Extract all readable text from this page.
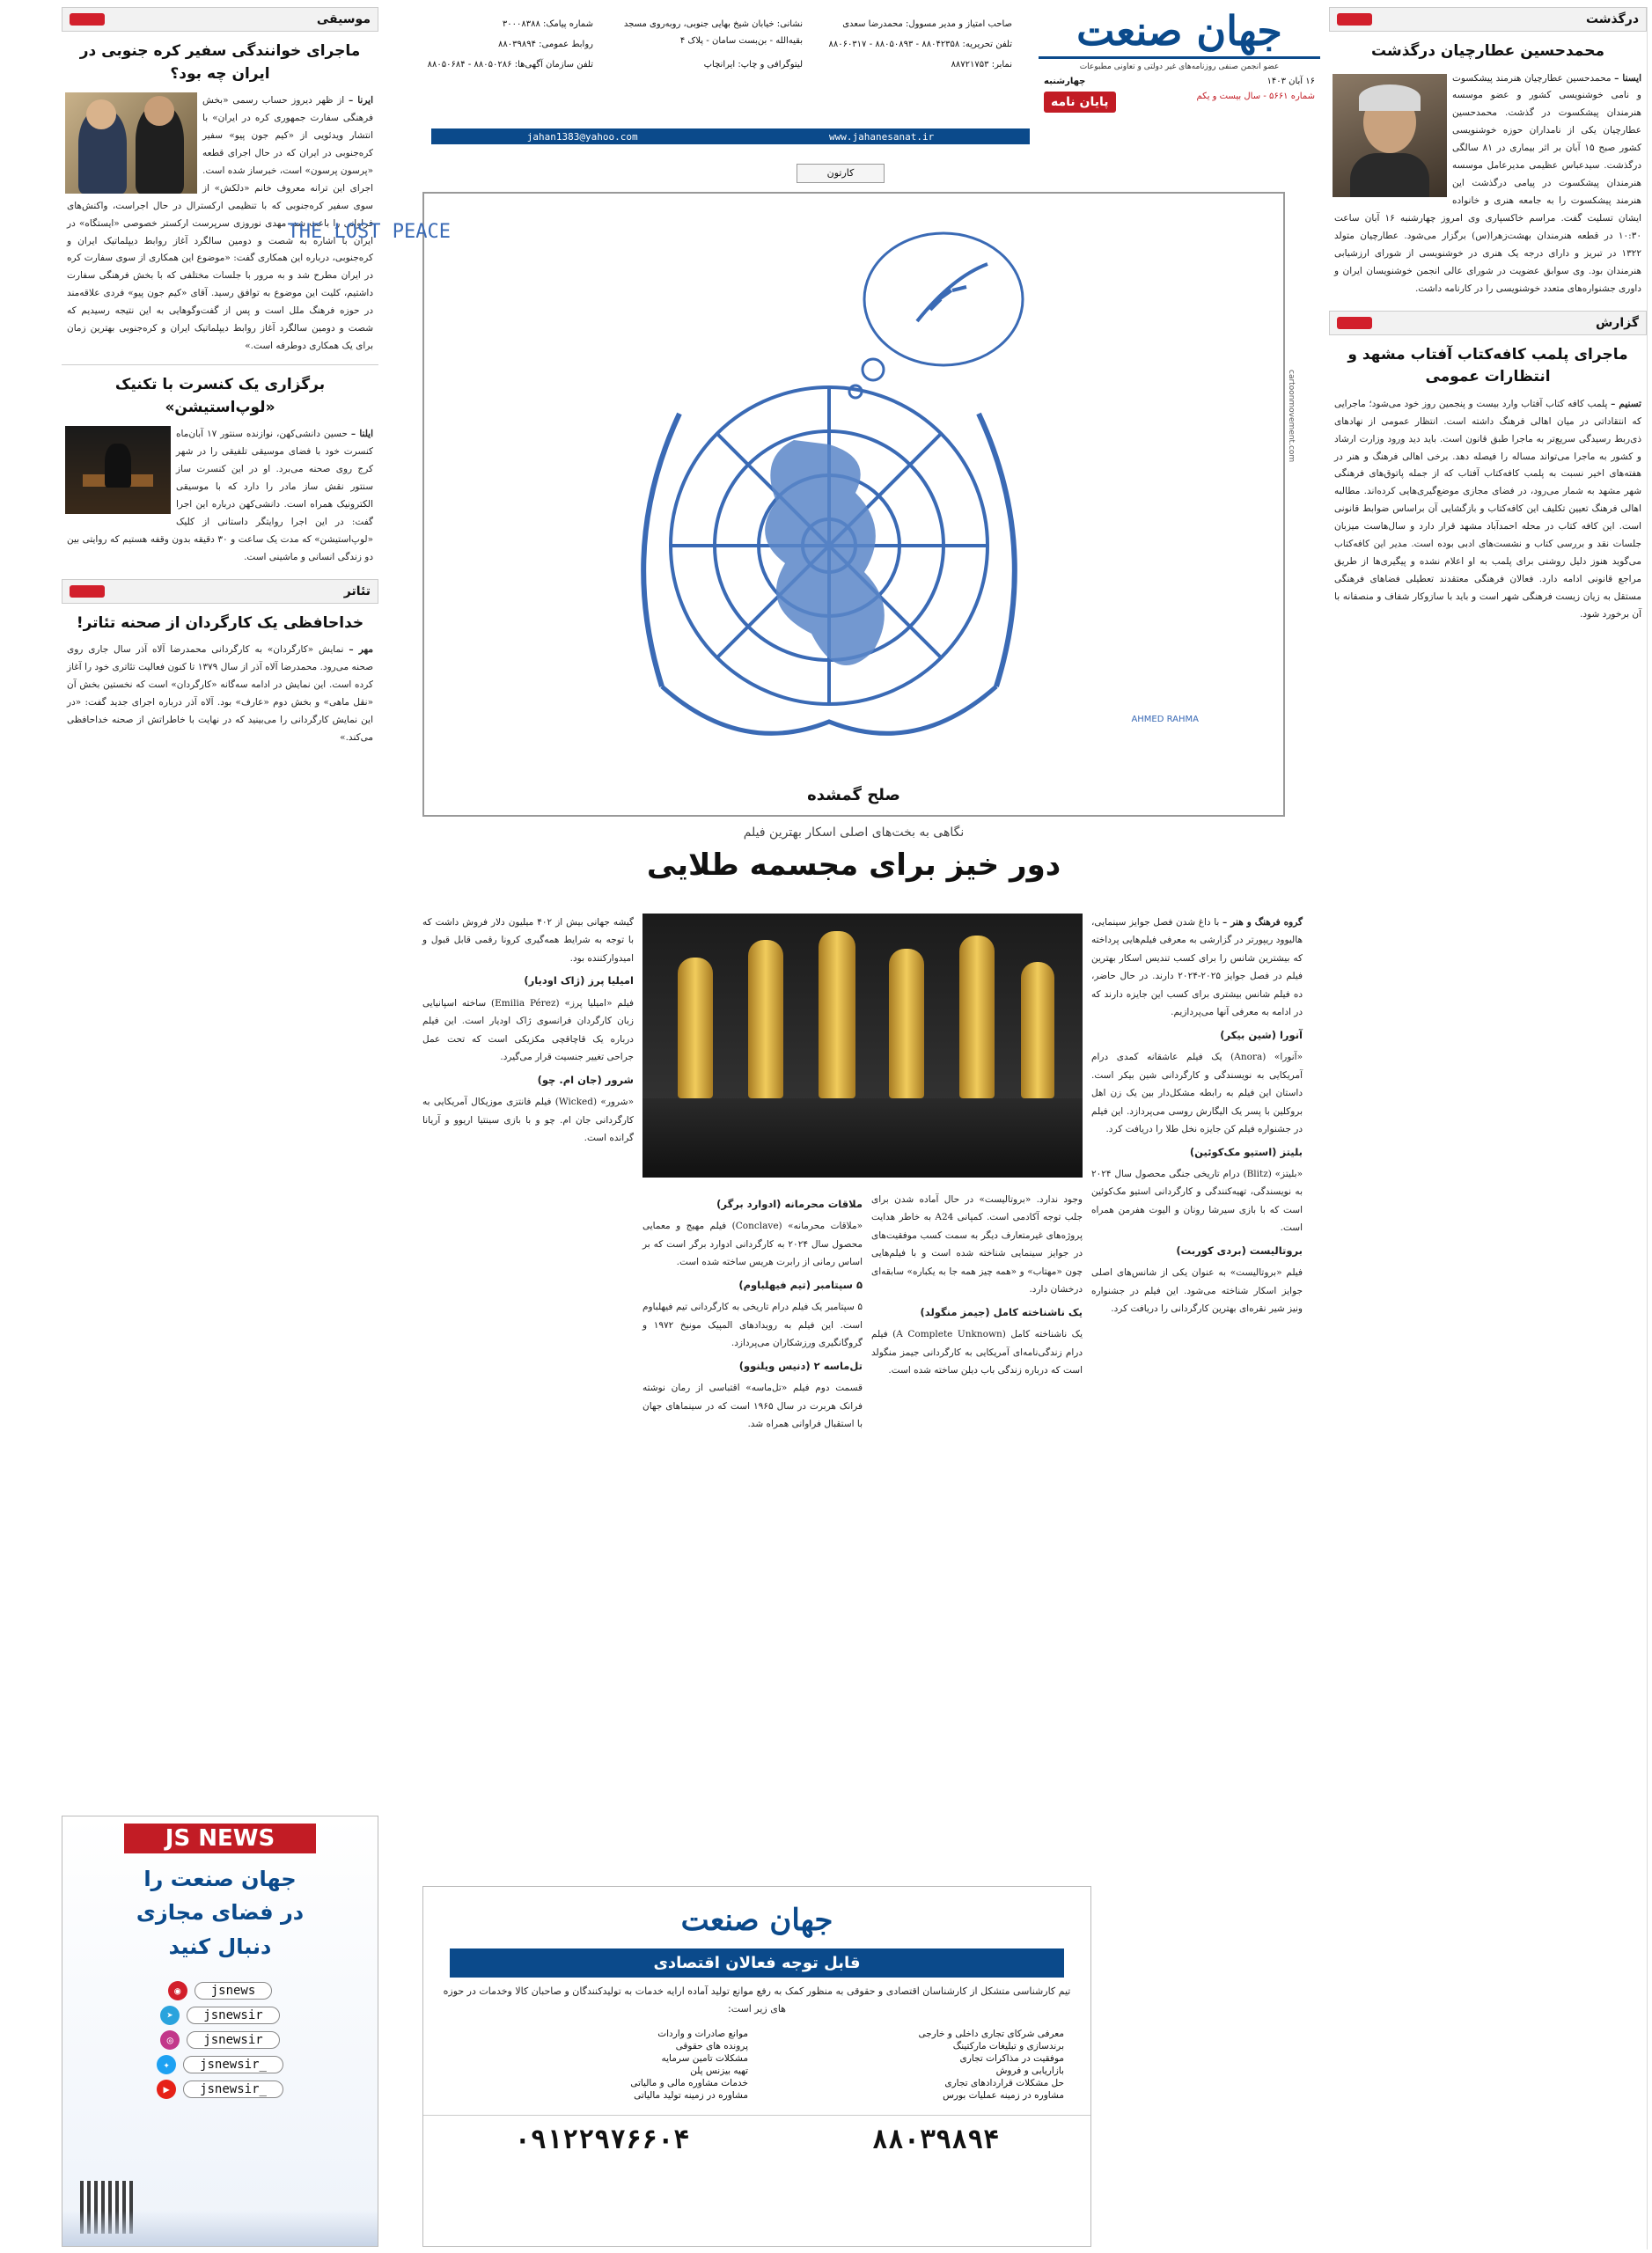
موسیقی
ماجرای خوانندگی سفیر کره جنوبی در ایران چه بود؟

ایرنا – از ظهر دیروز حساب رسمی «بخش فرهنگی سفارت جمهوری کره در ایران» با انتشار ویدئویی از «کیم جون پیو» سفیر کره‌جنوبی در ایران که در حال اجرای قطعه «پرسون پرسون» است، خبرساز شده است. اجرای این ترانه معروف خانم «دلکش» از سوی سفیر کره‌جنوبی که با تنظیمی ارکسترال در حال اجراست، واکنش‌های فراوانی را باعث شد. مهدی نوروزی سرپرست ارکستر خصوصی «ایستگاه» در ایران با اشاره به شصت و دومین سالگرد آغاز روابط دیپلماتیک ایران و کره‌جنوبی، درباره این همکاری گفت: «موضوع این همکاری از سوی سفارت کره در ایران مطرح شد و به مرور با جلسات مختلفی که با بخش فرهنگی سفارت داشتیم، کلیت این موضوع به توافق رسید. آقای «کیم جون پیو» فردی علاقه‌مند در حوزه فرهنگ ملل است و پس از گفت‌وگوهایی به این نتیجه رسیدیم که شصت و دومین سالگرد آغاز روابط دیپلماتیک ایران و کره‌جنوبی بهترین زمان برای یک همکاری دوطرفه است.»

برگزاری یک کنسرت با تکنیک «لوپ‌استیشن»

ایلنا – حسین دانشی‌کهن، نوازنده سنتور ۱۷ آبان‌ماه کنسرت خود با فضای موسیقی تلفیقی را در شهر کرج روی صحنه می‌برد. او در این کنسرت ساز سنتور نقش ساز مادر را دارد که با موسیقی الکترونیک همراه است. دانشی‌کهن درباره این اجرا گفت: در این اجرا روایتگر داستانی از کلیک «لوپ‌استیشن» که مدت یک ساعت و ۳۰ دقیقه بدون وقفه هستیم که روایتی بین دو زندگی انسانی و ماشینی است.

تئاتر
خداحافظی یک کارگردان از صحنه تئاتر!

مهر – نمایش «کارگردان» به کارگردانی محمدرضا آلاه آذر سال جاری روی صحنه می‌رود. محمدرضا آلاه آذر از سال ۱۳۷۹ تا کنون فعالیت تئاتری خود را آغاز کرده است. این نمایش در ادامه سه‌گانه «کارگردان» است که نخستین بخش آن «نقل ماهی» و بخش دوم «عارف» بود. آلاه آذر درباره اجرای جدید گفت: «در این نمایش کارگردانی را می‌بینید که در نهایت با خاطراتش از صحنه خداحافظی می‌کند.»

JS NEWS
جهان صنعت را
در فضای مجازی
دنبال کنید
jsnews
◉
jsnewsir
➤
jsnewsir
◎
jsnewsir_
✦
jsnewsir_
▶
صاحب امتیاز و مدیر مسوول: محمدرضا سعدی
نشانی: خیابان شیخ بهایی جنوبی، روبه‌روی مسجد بقیه‌الله - بن‌بست سامان - پلاک ۴
شماره پیامک: ۳۰۰۰۸۳۸۸
تلفن تحریریه: ۸۸۰۴۲۳۵۸ - ۸۸۰۵۰۸۹۳ - ۸۸۰۶۰۳۱۷
روابط عمومی: ۸۸۰۳۹۸۹۴
نمابر: ۸۸۷۲۱۷۵۳
لیتوگرافی و چاپ: ایرانچاپ
تلفن سازمان آگهی‌ها: ۸۸۰۵۰۲۸۶ - ۸۸۰۵۰۶۸۴
جهان صنعت
عضو انجمن صنفی روزنامه‌های غیر دولتی و تعاونی مطبوعات
۱۶ آبان ۱۴۰۳
چهارشنبه
شماره ۵۶۶۱ - سال بیست و یکم
پایان نامه
www.jahanesanat.ir
jahan1383@yahoo.com
کارتون
THE LOST PEACE
AHMED RAHMA
cartoonmovement.com
صلح گمشده
نگاهی به بخت‌های اصلی اسکار بهترین فیلم
دور خیز برای مجسمه طلایی
گروه فرهنگ و هنر – با داغ شدن فصل جوایز سینمایی، هالیوود ریپورتر در گزارشی به معرفی فیلم‌هایی پرداخته که بیشترین شانس را برای کسب تندیس اسکار بهترین فیلم در فصل جوایز ۲۰۲۵-۲۰۲۴ دارند. در حال حاضر، ده فیلم شانس بیشتری برای کسب این جایزه دارند که در ادامه به معرفی آنها می‌پردازیم.
آنورا (شین بیکر)

«آنورا» (Anora) یک فیلم عاشقانه کمدی درام آمریکایی به نویسندگی و کارگردانی شین بیکر است. داستان این فیلم به رابطه مشکل‌دار بین یک زن اهل بروکلین با پسر یک الیگارش روسی می‌پردازد. این فیلم در جشنواره فیلم کن جایزه نخل طلا را دریافت کرد.

بلیتز (استیو مک‌کوئین)

«بلیتز» (Blitz) درام تاریخی جنگی محصول سال ۲۰۲۴ به نویسندگی، تهیه‌کنندگی و کارگردانی استیو مک‌کوئین است که با بازی سیرشا رونان و الیوت هفرمن همراه است.

بروتالیست (بردی کوربت)

فیلم «بروتالیست» به عنوان یکی از شانس‌های اصلی جوایز اسکار شناخته می‌شود. این فیلم در جشنواره ونیز شیر نقره‌ای بهترین کارگردانی را دریافت کرد.

وجود ندارد. «بروتالیست» در حال آماده شدن برای جلب توجه آکادمی است. کمپانی A24 به خاطر هدایت پروژه‌های غیرمتعارف دیگر به سمت کسب موفقیت‌های در جوایز سینمایی شناخته شده است و با فیلم‌هایی چون «مهتاب» و «همه چیز همه جا به یکباره» سابقه‌ای درخشان دارد.

یک ناشناخته کامل (جیمز منگولد)

یک ناشناخته کامل (A Complete Unknown) فیلم درام زندگی‌نامه‌ای آمریکایی به کارگردانی جیمز منگولد است که درباره زندگی باب دیلن ساخته شده است.

ملاقات محرمانه (ادوارد برگر)

«ملاقات محرمانه» (Conclave) فیلم مهیج و معمایی محصول سال ۲۰۲۴ به کارگردانی ادوارد برگر است که بر اساس رمانی از رابرت هریس ساخته شده است.

۵ سپتامبر (تیم فیهلباوم)

۵ سپتامبر یک فیلم درام تاریخی به کارگردانی تیم فیهلباوم است. این فیلم به رویدادهای المپیک مونیخ ۱۹۷۲ و گروگانگیری ورزشکاران می‌پردازد.

تل‌ماسه ۲ (دنیس ویلنوو)

قسمت دوم فیلم «تل‌ماسه» اقتباسی از رمان نوشته فرانک هربرت در سال ۱۹۶۵ است که در سینماهای جهان با استقبال فراوانی همراه شد.

گیشه جهانی بیش از ۴۰۲ میلیون دلار فروش داشت که با توجه به شرایط همه‌گیری کرونا رقمی قابل قبول و امیدوارکننده بود.

امیلیا پرز (ژاک اودیار)

فیلم «امیلیا پرز» (Emilia Pérez) ساخته اسپانیایی زبان کارگردان فرانسوی ژاک اودیار است. این فیلم درباره یک قاچاقچی مکزیکی است که تحت عمل جراحی تغییر جنسیت قرار می‌گیرد.

شرور (جان ام. چو)

«شرور» (Wicked) فیلم فانتزی موزیکال آمریکایی به کارگردانی جان ام. چو و با بازی سینتیا اریوو و آریانا گرانده است.

جهان صنعت
قابل توجه فعالان اقتصادی
تیم کارشناسی متشکل از کارشناسان اقتصادی و حقوقی به منظور کمک به رفع موانع تولید آماده ارایه خدمات به تولیدکنندگان و صاحبان کالا وخدمات در حوزه های زیر است:
معرفی شرکای تجاری داخلی و خارجی
موانع صادرات و واردات
برندسازی و تبلیغات مارکتینگ
پرونده های حقوقی
موفقیت در مذاکرات تجاری
مشکلات تامین سرمایه
بازاریابی و فروش
تهیه بیزنس پلن
حل مشکلات قراردادهای تجاری
خدمات مشاوره مالی و مالیاتی
مشاوره در زمینه عملیات بورس
مشاوره در زمینه تولید مالیاتی
۸۸۰۳۹۸۹۴
۰۹۱۲۲۹۷۶۶۰۴
درگذشت
محمدحسین عطارچیان درگذشت

ایسنا – محمدحسین عطارچیان هنرمند پیشکسوت و نامی خوشنویسی کشور و عضو موسسه هنرمندان پیشکسوت در گذشت. محمدحسین عطارچیان یکی از نامداران حوزه خوشنویسی کشور صبح ۱۵ آبان بر اثر بیماری در ۸۱ سالگی درگذشت. سیدعباس عظیمی مدیرعامل موسسه هنرمندان پیشکسوت در پیامی درگذشت این هنرمند پیشکسوت را به جامعه هنری و خانواده ایشان تسلیت گفت. مراسم خاکسپاری وی امروز چهارشنبه ۱۶ آبان ساعت ۱۰:۳۰ در قطعه هنرمندان بهشت‌زهرا(س) برگزار می‌شود. عطارچیان متولد ۱۳۲۲ در تبریز و دارای درجه یک هنری در خوشنویسی از شورای ارزشیابی هنرمندان بود. وی سوابق عضویت در شورای عالی انجمن خوشنویسان ایران و داوری جشنواره‌های متعدد خوشنویسی را در کارنامه داشت.

گزارش
ماجرای پلمب کافه‌کتاب آفتاب مشهد و انتظارات عمومی

تسنیم – پلمب کافه کتاب آفتاب وارد بیست و پنجمین روز خود می‌شود؛ ماجرایی که انتقاداتی در میان اهالی فرهنگ داشته است. انتظار عمومی از نهادهای ذی‌ربط رسیدگی سریع‌تر به ماجرا طبق قانون است. باید دید ورود وزارت ارشاد و کشور به ماجرا می‌تواند مساله را فیصله دهد. برخی اهالی فرهنگ و هنر در هفته‌های اخیر نسبت به پلمب کافه‌کتاب آفتاب که از جمله پاتوق‌های فرهنگی شهر مشهد به شمار می‌رود، در فضای مجازی موضع‌گیری‌هایی کرده‌اند. مطالبه اهالی فرهنگ تعیین تکلیف این کافه‌کتاب و بازگشایی آن براساس ضوابط قانونی است. این کافه کتاب در محله احمدآباد مشهد قرار دارد و سال‌هاست میزبان جلسات نقد و بررسی کتاب و نشست‌های ادبی بوده است. مدیر این کافه‌کتاب می‌گوید هنوز دلیل روشنی برای پلمب به او اعلام نشده و پیگیری‌ها از طریق مراجع قانونی ادامه دارد. فعالان فرهنگی معتقدند تعطیلی فضاهای فرهنگی مستقل به زیان زیست فرهنگی شهر است و باید با سازوکار شفاف و منصفانه با آن برخورد شود.
